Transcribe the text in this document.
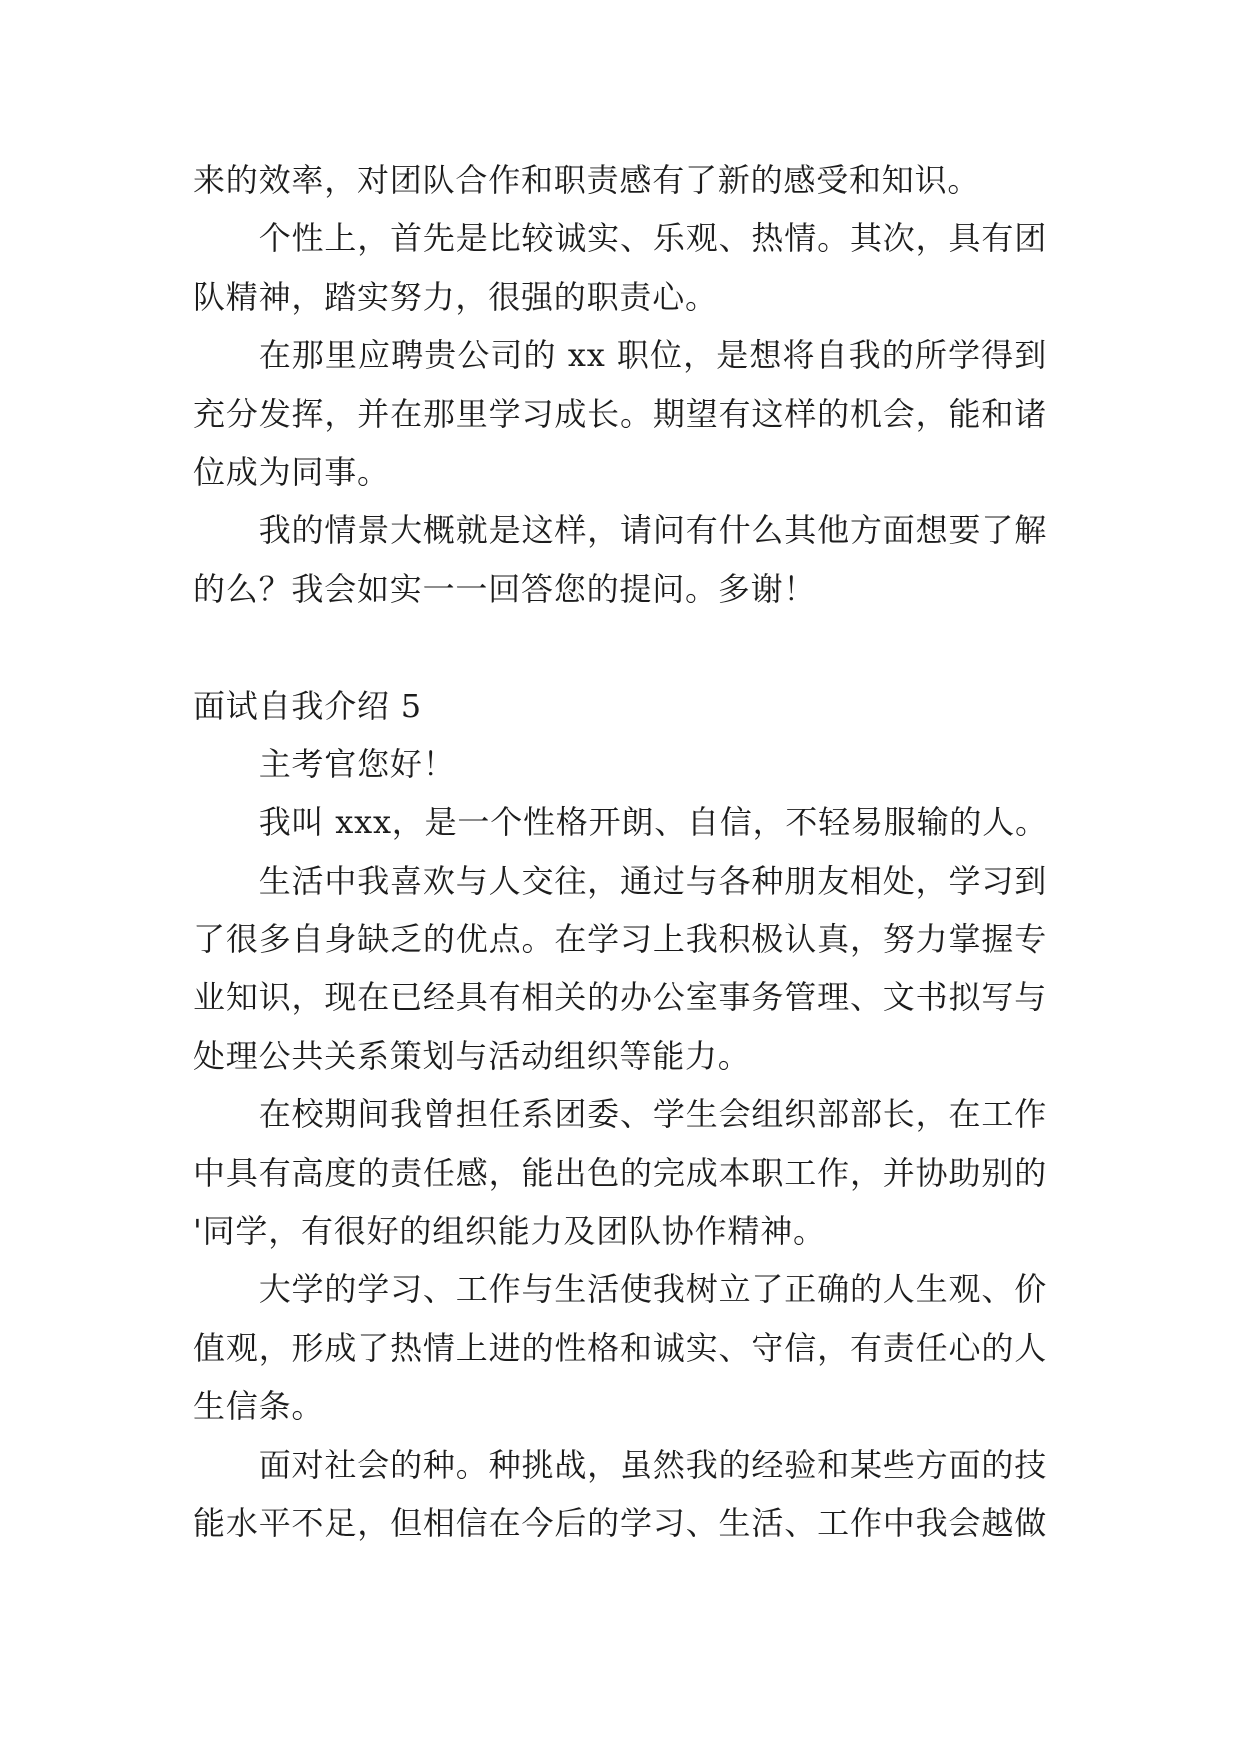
来的效率，对团队合作和职责感有了新的感受和知识。
个性上，首先是比较诚实、乐观、热情。其次，具有团
队精神，踏实努力，很强的职责心。
在那里应聘贵公司的 xx 职位，是想将自我的所学得到
充分发挥，并在那里学习成长。期望有这样的机会，能和诸
位成为同事。
我的情景大概就是这样，请问有什么其他方面想要了解
的么？我会如实一一回答您的提问。多谢！
面试自我介绍 5
主考官您好！
我叫 xxx，是一个性格开朗、自信，不轻易服输的人。
生活中我喜欢与人交往，通过与各种朋友相处，学习到
了很多自身缺乏的优点。在学习上我积极认真，努力掌握专
业知识，现在已经具有相关的办公室事务管理、文书拟写与
处理公共关系策划与活动组织等能力。
在校期间我曾担任系团委、学生会组织部部长，在工作
中具有高度的责任感，能出色的完成本职工作，并协助别的
'同学，有很好的组织能力及团队协作精神。
大学的学习、工作与生活使我树立了正确的人生观、价
值观，形成了热情上进的性格和诚实、守信，有责任心的人
生信条。
面对社会的种。种挑战，虽然我的经验和某些方面的技
能水平不足，但相信在今后的学习、生活、工作中我会越做
